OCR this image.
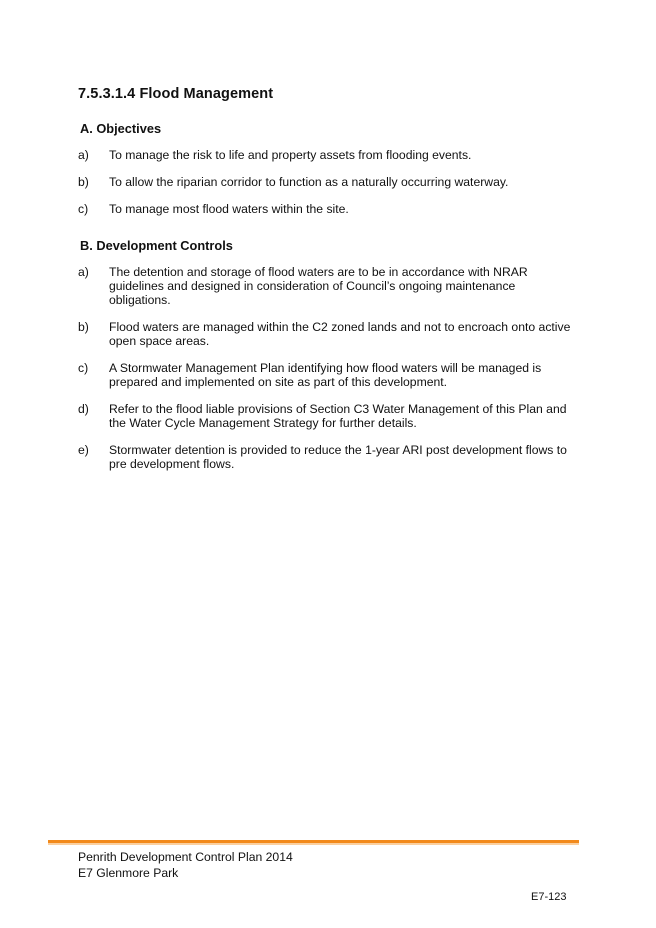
7.5.3.1.4 Flood Management
A. Objectives
a)	To manage the risk to life and property assets from flooding events.
b)	To allow the riparian corridor to function as a naturally occurring waterway.
c)	To manage most flood waters within the site.
B. Development Controls
a)	The detention and storage of flood waters are to be in accordance with NRAR guidelines and designed in consideration of Council’s ongoing maintenance obligations.
b)	Flood waters are managed within the C2 zoned lands and not to encroach onto active open space areas.
c)	A Stormwater Management Plan identifying how flood waters will be managed is prepared and implemented on site as part of this development.
d)	Refer to the flood liable provisions of Section C3 Water Management of this Plan and the Water Cycle Management Strategy for further details.
e)	Stormwater detention is provided to reduce the 1-year ARI post development flows to pre development flows.

Penrith Development Control Plan 2014

E7 Glenmore Park

E7-123
